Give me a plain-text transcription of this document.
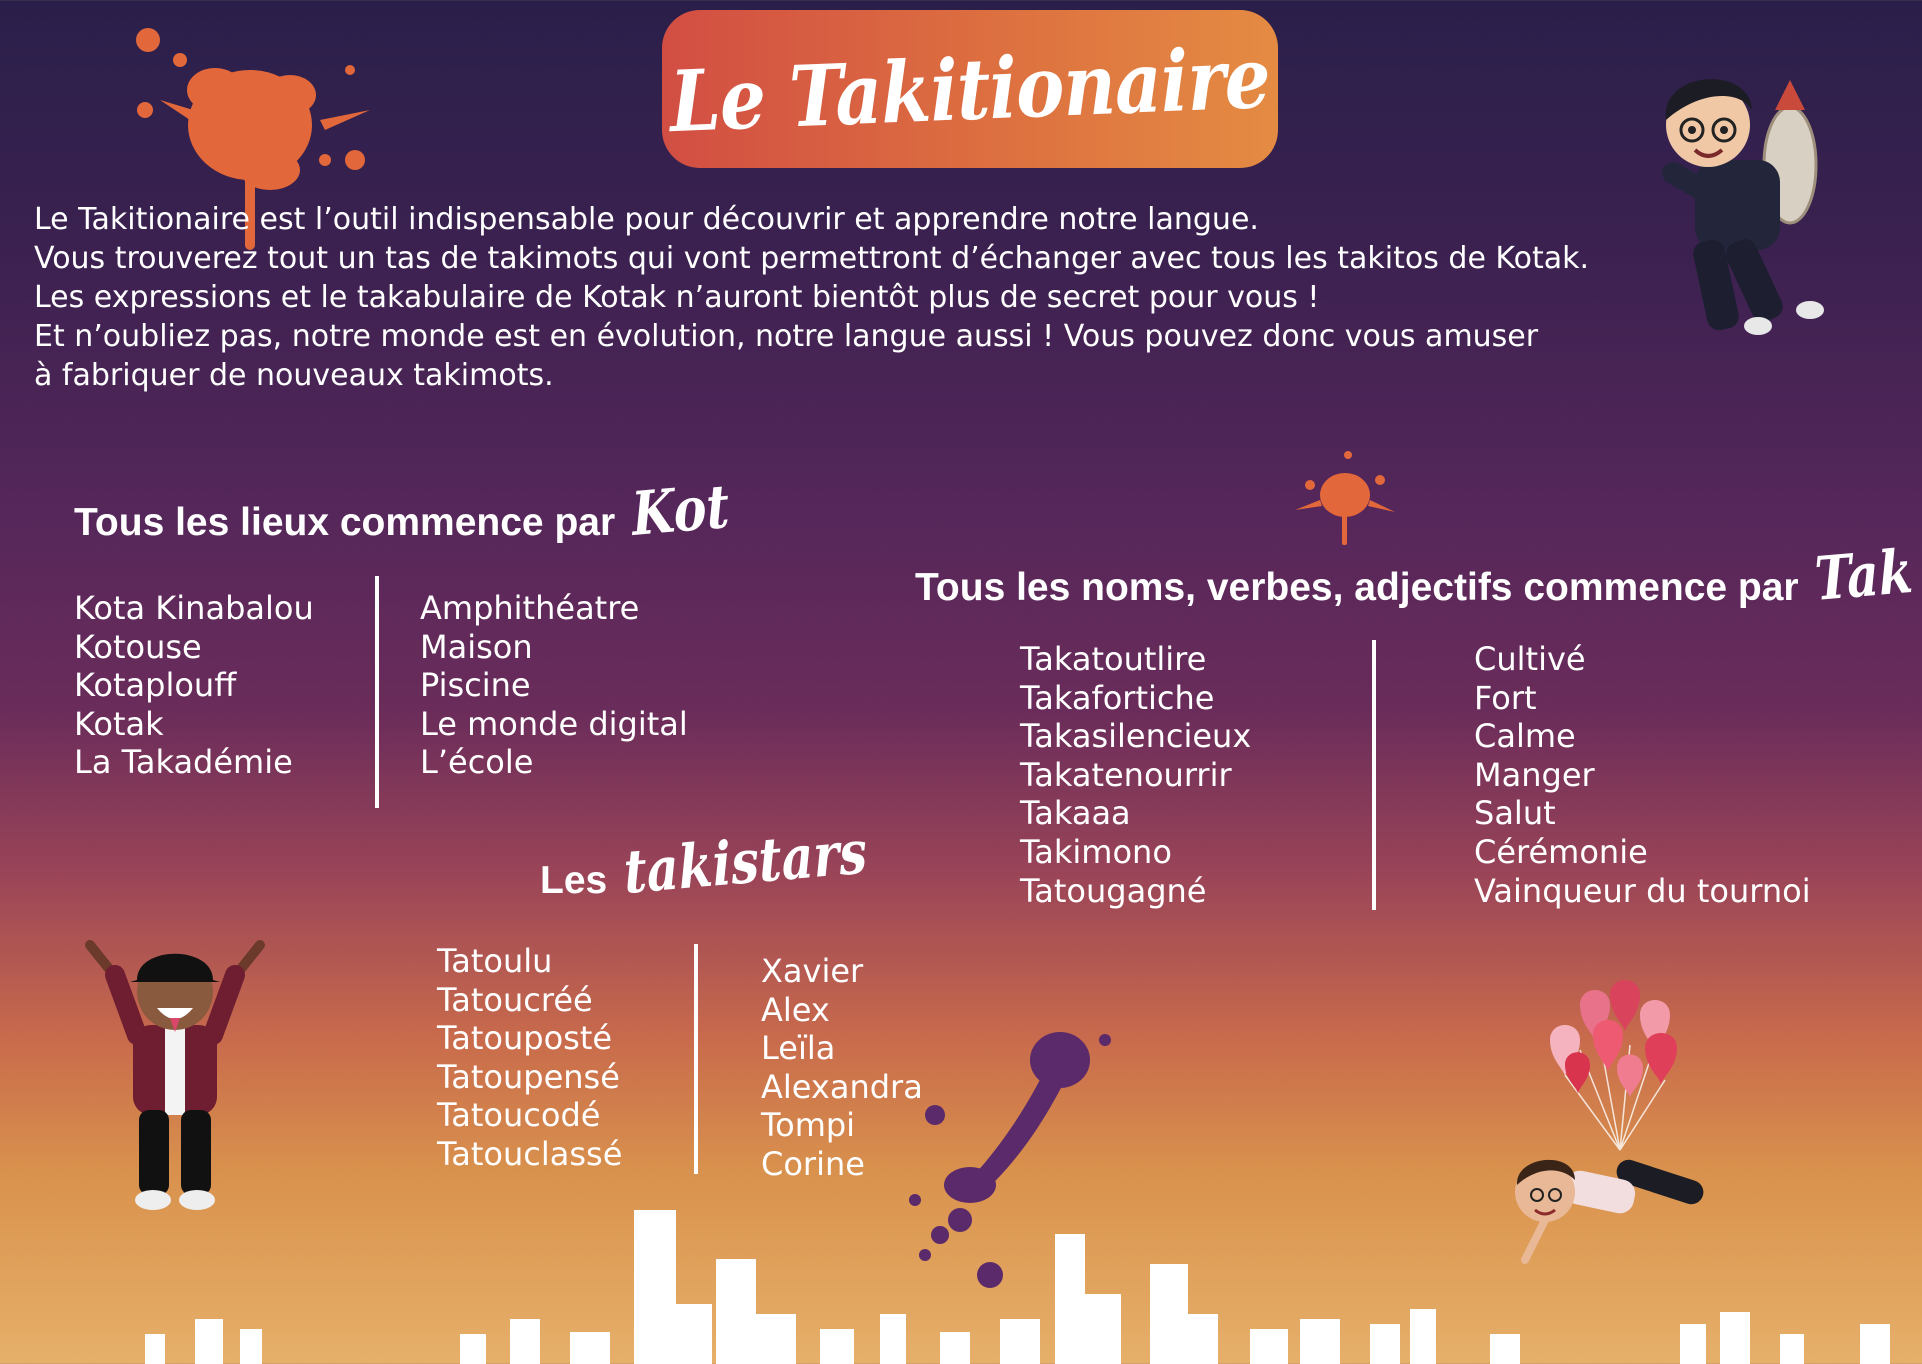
Le Takitionaire
Le Takitionaire est l’outil indispensable pour découvrir et apprendre notre langue.
Vous trouverez tout un tas de takimots qui vont permettront d’échanger avec tous les takitos de Kotak.
Les expressions et le takabulaire de Kotak n’auront bientôt plus de secret pour vous !
Et n’oubliez pas, notre monde est en évolution, notre langue aussi ! Vous pouvez donc vous amuser
à fabriquer de nouveaux takimots.
Tous les lieux commence par Kot
Kota Kinabalou
Kotouse
Kotaplouff
Kotak
La Takadémie
Amphithéatre
Maison
Piscine
Le monde digital
L’école
Tous les noms, verbes, adjectifs commence par Tak
Takatoutlire
Takafortiche
Takasilencieux
Takatenourrir
Takaaa
Takimono
Tatougagné
Cultivé
Fort
Calme
Manger
Salut
Cérémonie
Vainqueur du tournoi
Les takistars
Tatoulu
Tatoucréé
Tatouposté
Tatoupensé
Tatoucodé
Tatouclassé
Xavier
Alex
Leïla
Alexandra
Tompi
Corine
